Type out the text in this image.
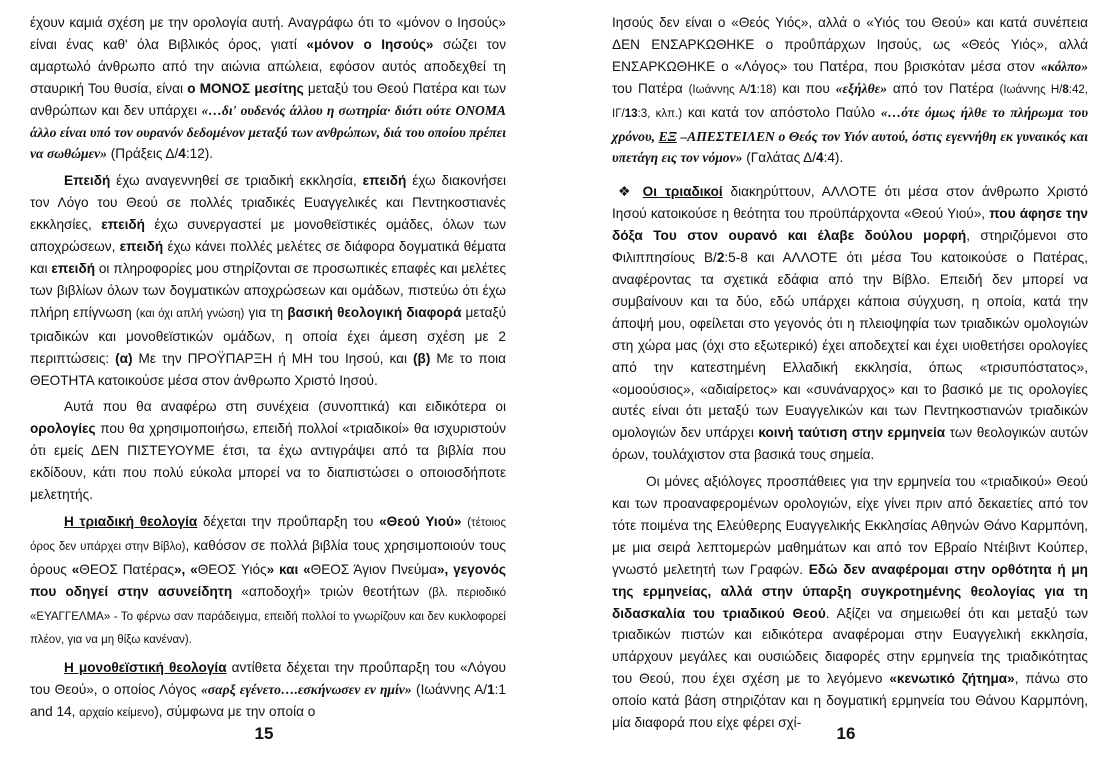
έχουν καμιά σχέση με την ορολογία αυτή. Αναγράφω ότι το «μόνον ο Ιησούς» είναι ένας καθ' όλα Βιβλικός όρος, γιατί «μόνον ο Ιησούς» σώζει τον αμαρτωλό άνθρωπο από την αιώνια απώλεια, εφόσον αυτός αποδεχθεί τη σταυρική Του θυσία, είναι ο ΜΟΝΟΣ μεσίτης μεταξύ του Θεού Πατέρα και των ανθρώπων και δεν υπάρχει «…δι' ουδενός άλλου η σωτηρία· διότι ούτε ΟΝΟΜΑ άλλο είναι υπό τον ουρανόν δεδομένον μεταξύ των ανθρώπων, διά του οποίου πρέπει να σωθώμεν» (Πράξεις Δ/4:12).

Επειδή έχω αναγεννηθεί σε τριαδική εκκλησία, επειδή έχω διακονήσει τον Λόγο του Θεού σε πολλές τριαδικές Ευαγγελικές και Πεντηκοστιανές εκκλησίες, επειδή έχω συνεργαστεί με μονοθεϊστικές ομάδες, όλων των αποχρώσεων, επειδή έχω κάνει πολλές μελέτες σε διάφορα δογματικά θέματα και επειδή οι πληροφορίες μου στηρίζονται σε προσωπικές επαφές και μελέτες των βιβλίων όλων των δογματικών αποχρώσεων και ομάδων, πιστεύω ότι έχω πλήρη επίγνωση (και όχι απλή γνώση) για τη βασική θεολογική διαφορά μεταξύ τριαδικών και μονοθεϊστικών ομάδων, η οποία έχει άμεση σχέση με 2 περιπτώσεις: (α) Με την ΠΡΟΫΠΑΡΞΗ ή ΜΗ του Ιησού, και (β) Με το ποια ΘΕΟΤΗΤΑ κατοικούσε μέσα στον άνθρωπο Χριστό Ιησού.

Αυτά που θα αναφέρω στη συνέχεια (συνοπτικά) και ειδικότερα οι ορολογίες που θα χρησιμοποιήσω, επειδή πολλοί «τριαδικοί» θα ισχυριστούν ότι εμείς ΔΕΝ ΠΙΣΤΕΥΟΥΜΕ έτσι, τα έχω αντιγράψει από τα βιβλία που εκδίδουν, κάτι που πολύ εύκολα μπορεί να το διαπιστώσει ο οποιοσδήποτε μελετητής.

Η τριαδική θεολογία δέχεται την προΰπαρξη του «Θεού Υιού» (τέτοιος όρος δεν υπάρχει στην Βίβλο), καθόσον σε πολλά βιβλία τους χρησιμοποιούν τους όρους «ΘΕΟΣ Πατέρας», «ΘΕΟΣ Υιός» και «ΘΕΟΣ Άγιον Πνεύμα», γεγονός που οδηγεί στην ασυνείδητη «αποδοχή» τριών θεοτήτων (βλ. περιοδικό «ΕΥΑΓΓΕΛΜΑ» - Το φέρνω σαν παράδειγμα, επειδή πολλοί το γνωρίζουν και δεν κυκλοφορεί πλέον, για να μη θίξω κανέναν).

Η μονοθεϊστική θεολογία αντίθετα δέχεται την προΰπαρξη του «Λόγου του Θεού», ο οποίος Λόγος «σαρξ εγένετο….εσκήνωσεν εν ημίν» (Ιωάννης Α/1:1 and 14, αρχαίο κείμενο), σύμφωνα με την οποία ο

15

Ιησούς δεν είναι ο «Θεός Υιός», αλλά ο «Υιός του Θεού» και κατά συνέπεια ΔΕΝ ΕΝΣΑΡΚΩΘΗΚΕ ο προΰπάρχων Ιησούς, ως «Θεός Υιός», αλλά ΕΝΣΑΡΚΩΘΗΚΕ ο «Λόγος» του Πατέρα, που βρισκόταν μέσα στον «κόλπο» του Πατέρα (Ιωάννης Α/1:18) και που «εξήλθε» από τον Πατέρα (Ιωάννης Η/8:42, ΙΓ/13:3, κλπ.) και κατά τον απόστολο Παύλο «…ότε όμως ήλθε το πλήρωμα του χρόνου, ΕΞ –ΑΠΕΣΤΕΙΛΕΝ ο Θεός τον Υιόν αυτού, όστις εγεννήθη εκ γυναικός και υπετάγη εις τον νόμον» (Γαλάτας Δ/4:4).

❖ Οι τριαδικοί διακηρύττουν, ΑΛΛΟΤΕ ότι μέσα στον άνθρωπο Χριστό Ιησού κατοικούσε η θεότητα του προϋπάρχοντα «Θεού Υιού», που άφησε την δόξα Του στον ουρανό και έλαβε δούλου μορφή, στηριζόμενοι στο Φιλιππησίους Β/2:5-8 και ΑΛΛΟΤΕ ότι μέσα Του κατοικούσε ο Πατέρας, αναφέροντας τα σχετικά εδάφια από την Βίβλο. Επειδή δεν μπορεί να συμβαίνουν και τα δύο, εδώ υπάρχει κάποια σύγχυση, η οποία, κατά την άποψή μου, οφείλεται στο γεγονός ότι η πλειοψηφία των τριαδικών ομολογιών στη χώρα μας (όχι στο εξωτερικό) έχει αποδεχτεί και έχει υιοθετήσει ορολογίες από την κατεστημένη Ελλαδική εκκλησία, όπως «τρισυπόστατος», «ομοούσιος», «αδιαίρετος» και «συνάναρχος» και το βασικό με τις ορολογίες αυτές είναι ότι μεταξύ των Ευαγγελικών και των Πεντηκοστιανών τριαδικών ομολογιών δεν υπάρχει κοινή ταύτιση στην ερμηνεία των θεολογικών αυτών όρων, τουλάχιστον στα βασικά τους σημεία.

Οι μόνες αξιόλογες προσπάθειες για την ερμηνεία του «τριαδικού» Θεού και των προαναφερομένων ορολογιών, είχε γίνει πριν από δεκαετίες από τον τότε ποιμένα της Ελεύθερης Ευαγγελικής Εκκλησίας Αθηνών Θάνο Καρμπόνη, με μια σειρά λεπτομερών μαθημάτων και από τον Εβραίο Ντέιβιντ Κούπερ, γνωστό μελετητή των Γραφών. Εδώ δεν αναφέρομαι στην ορθότητα ή μη της ερμηνείας, αλλά στην ύπαρξη συγκροτημένης θεολογίας για τη διδασκαλία του τριαδικού Θεού. Αξίζει να σημειωθεί ότι και μεταξύ των τριαδικών πιστών και ειδικότερα αναφέρομαι στην Ευαγγελική εκκλησία, υπάρχουν μεγάλες και ουσιώδεις διαφορές στην ερμηνεία της τριαδικότητας του Θεού, που έχει σχέση με το λεγόμενο «κενωτικό ζήτημα», πάνω στο οποίο κατά βάση στηριζόταν και η δογματική ερμηνεία του Θάνου Καρμπόνη, μία διαφορά που είχε φέρει σχί-

16
